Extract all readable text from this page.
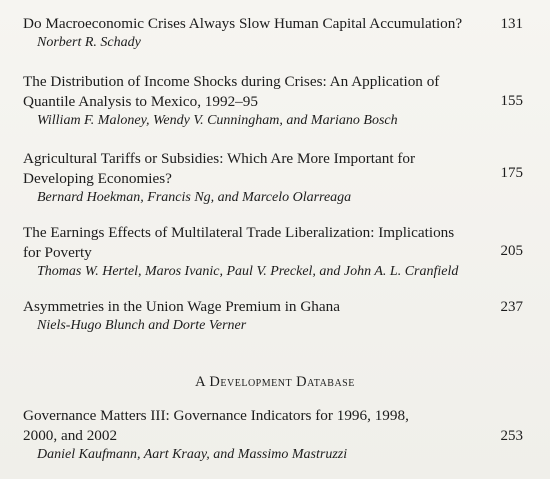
Do Macroeconomic Crises Always Slow Human Capital Accumulation?

Norbert R. Schady

131

The Distribution of Income Shocks during Crises: An Application of
Quantile Analysis to Mexico, 1992–95

William F. Maloney, Wendy V. Cunningham, and Mariano Bosch

155

Agricultural Tariffs or Subsidies: Which Are More Important for
Developing Economies?

Bernard Hoekman, Francis Ng, and Marcelo Olarreaga

175

The Earnings Effects of Multilateral Trade Liberalization: Implications
for Poverty

Thomas W. Hertel, Maros Ivanic, Paul V. Preckel, and John A. L. Cranfield

205

Asymmetries in the Union Wage Premium in Ghana

Niels-Hugo Blunch and Dorte Verner

237

A Development Database

Governance Matters III: Governance Indicators for 1996, 1998,
2000, and 2002

Daniel Kaufmann, Aart Kraay, and Massimo Mastruzzi

253
